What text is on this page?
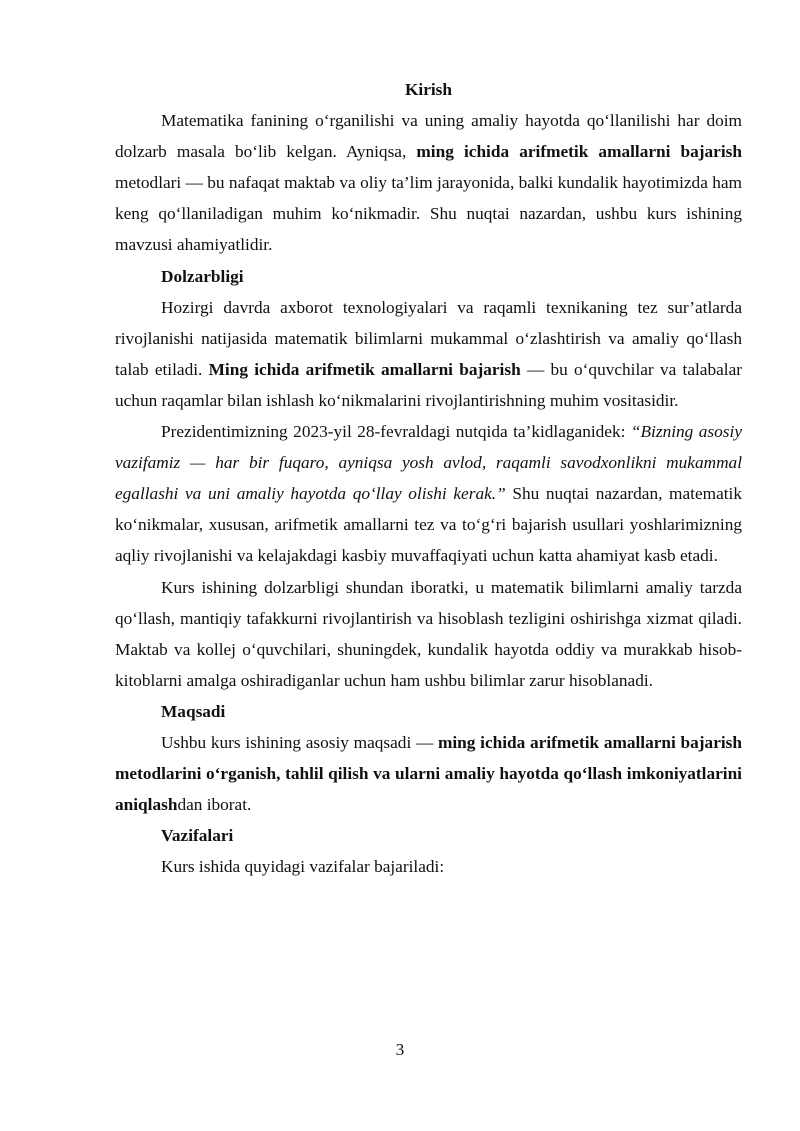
Kirish

Matematika fanining o‘rganilishi va uning amaliy hayotda qo‘llanilishi har doim dolzarb masala bo‘lib kelgan. Ayniqsa, ming ichida arifmetik amallarni bajarish metodlari — bu nafaqat maktab va oliy ta’lim jarayonida, balki kundalik hayotimizda ham keng qo‘llaniladigan muhim ko‘nikmadir. Shu nuqtai nazardan, ushbu kurs ishining mavzusi ahamiyatlidir.

Dolzarbligi

Hozirgi davrda axborot texnologiyalari va raqamli texnikaning tez sur’atlarda rivojlanishi natijasida matematik bilimlarni mukammal o‘zlashtirish va amaliy qo‘llash talab etiladi. Ming ichida arifmetik amallarni bajarish — bu o‘quvchilar va talabalar uchun raqamlar bilan ishlash ko‘nikmalarini rivojlantirishning muhim vositasidir.

Prezidentimizning 2023-yil 28-fevraldagi nutqida ta’kidlaganidek: “Bizning asosiy vazifamiz — har bir fuqaro, ayniqsa yosh avlod, raqamli savodxonlikni mukammal egallashi va uni amaliy hayotda qo‘llay olishi kerak.” Shu nuqtai nazardan, matematik ko‘nikmalar, xususan, arifmetik amallarni tez va to‘g‘ri bajarish usullari yoshlarimizning aqliy rivojlanishi va kelajakdagi kasbiy muvaffaqiyati uchun katta ahamiyat kasb etadi.

Kurs ishining dolzarbligi shundan iboratki, u matematik bilimlarni amaliy tarzda qo‘llash, mantiqiy tafakkurni rivojlantirish va hisoblash tezligini oshirishga xizmat qiladi. Maktab va kollej o‘quvchilari, shuningdek, kundalik hayotda oddiy va murakkab hisob-kitoblarni amalga oshiradiganlar uchun ham ushbu bilimlar zarur hisoblanadi.

Maqsadi

Ushbu kurs ishining asosiy maqsadi — ming ichida arifmetik amallarni bajarish metodlarini o‘rganish, tahlil qilish va ularni amaliy hayotda qo‘llash imkoniyatlarini aniqlashdan iborat.

Vazifalari

Kurs ishida quyidagi vazifalar bajariladi:

3
